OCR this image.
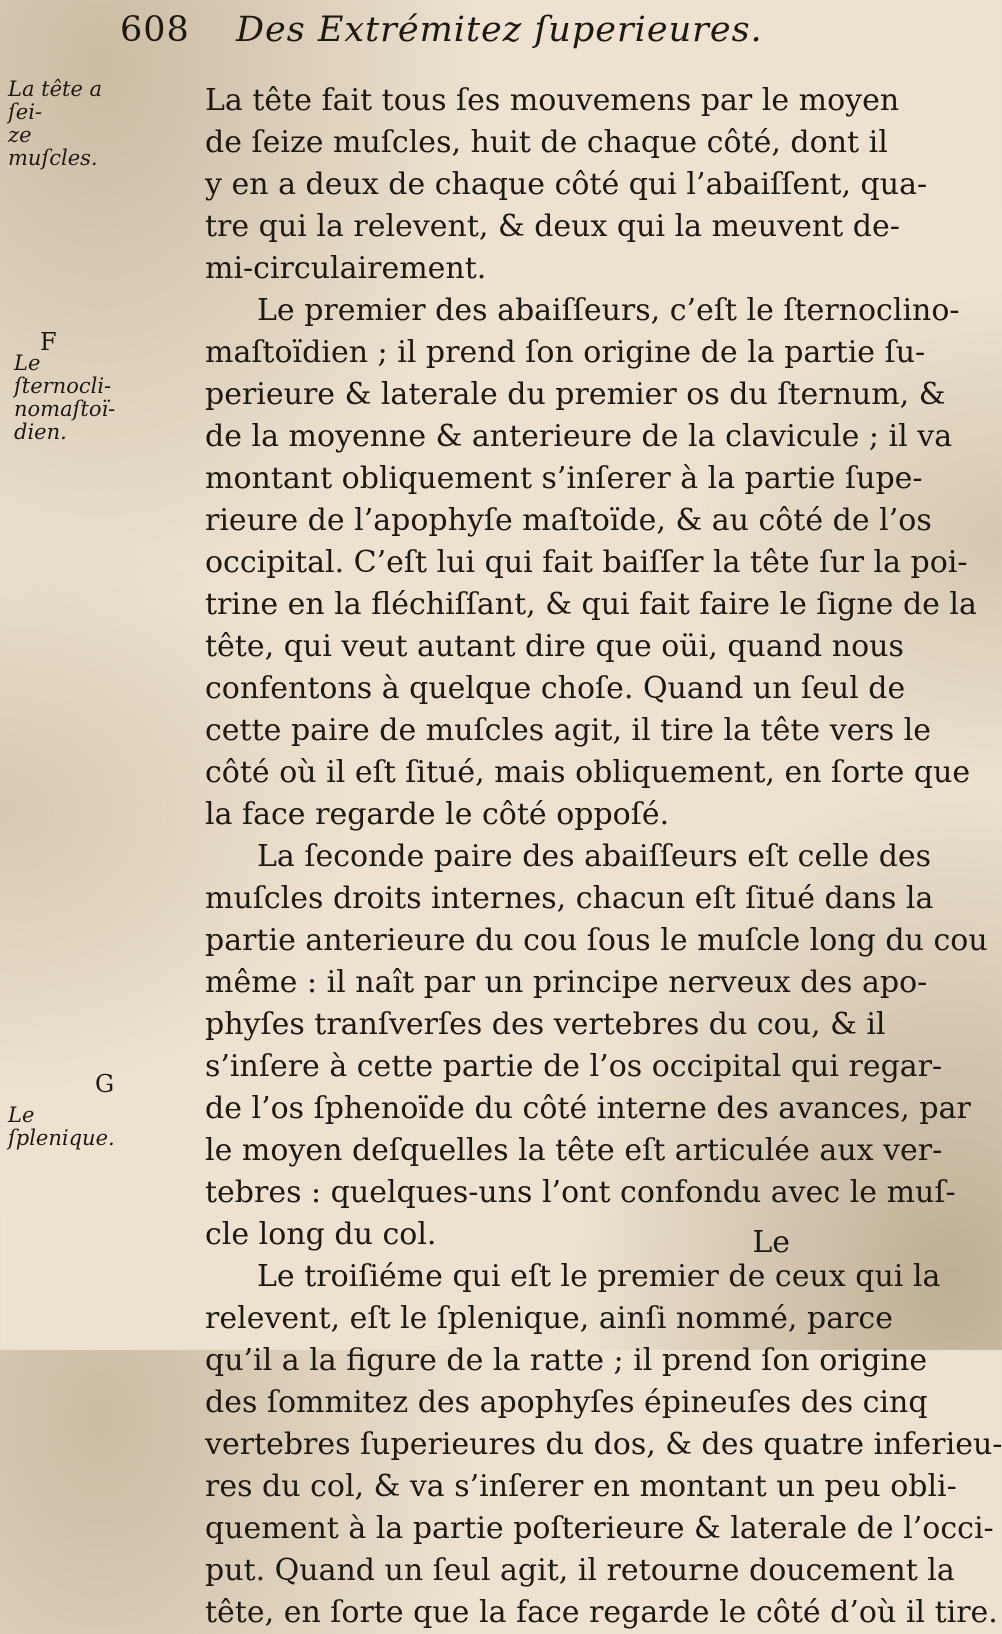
608 Des Extrémitez ſuperieures.
La tête a ſei-
ze muſcles.
F
Le ſternocli-
nomaſtoï-
dien.
G
Le ſplenique.
La tête fait tous ſes mouvemens par le moyen
de ſeize muſcles, huit de chaque côté, dont il
y en a deux de chaque côté qui l’abaiſſent, qua-
tre qui la relevent, & deux qui la meuvent de-
mi-circulairement.
Le premier des abaiſſeurs, c’eſt le ſternoclino-
maſtoïdien ; il prend ſon origine de la partie ſu-
perieure & laterale du premier os du ſternum, &
de la moyenne & anterieure de la clavicule ; il va
montant obliquement s’inſerer à la partie ſupe-
rieure de l’apophyſe maſtoïde, & au côté de l’os
occipital. C’eſt lui qui fait baiſſer la tête ſur la poi-
trine en la fléchiſſant, & qui fait faire le ſigne de la
tête, qui veut autant dire que oüi, quand nous
confentons à quelque choſe. Quand un ſeul de
cette paire de muſcles agit, il tire la tête vers le
côté où il eſt ſitué, mais obliquement, en ſorte que
la face regarde le côté oppoſé.
La ſeconde paire des abaiſſeurs eſt celle des
muſcles droits internes, chacun eſt ſitué dans la
partie anterieure du cou ſous le muſcle long du cou
même : il naît par un principe nerveux des apo-
phyſes tranſverſes des vertebres du cou, & il
s’inſere à cette partie de l’os occipital qui regar-
de l’os ſphenoïde du côté interne des avances, par
le moyen deſquelles la tête eſt articulée aux ver-
tebres : quelques-uns l’ont confondu avec le muſ-
cle long du col.
Le troiſiéme qui eſt le premier de ceux qui la
relevent, eſt le ſplenique, ainſi nommé, parce
qu’il a la figure de la ratte ; il prend ſon origine
des ſommitez des apophyſes épineuſes des cinq
vertebres ſuperieures du dos, & des quatre inferieu-
res du col, & va s’inſerer en montant un peu obli-
quement à la partie poſterieure & laterale de l’occi-
put. Quand un ſeul agit, il retourne doucement la
tête, en ſorte que la face regarde le côté d’où il tire.
Le
